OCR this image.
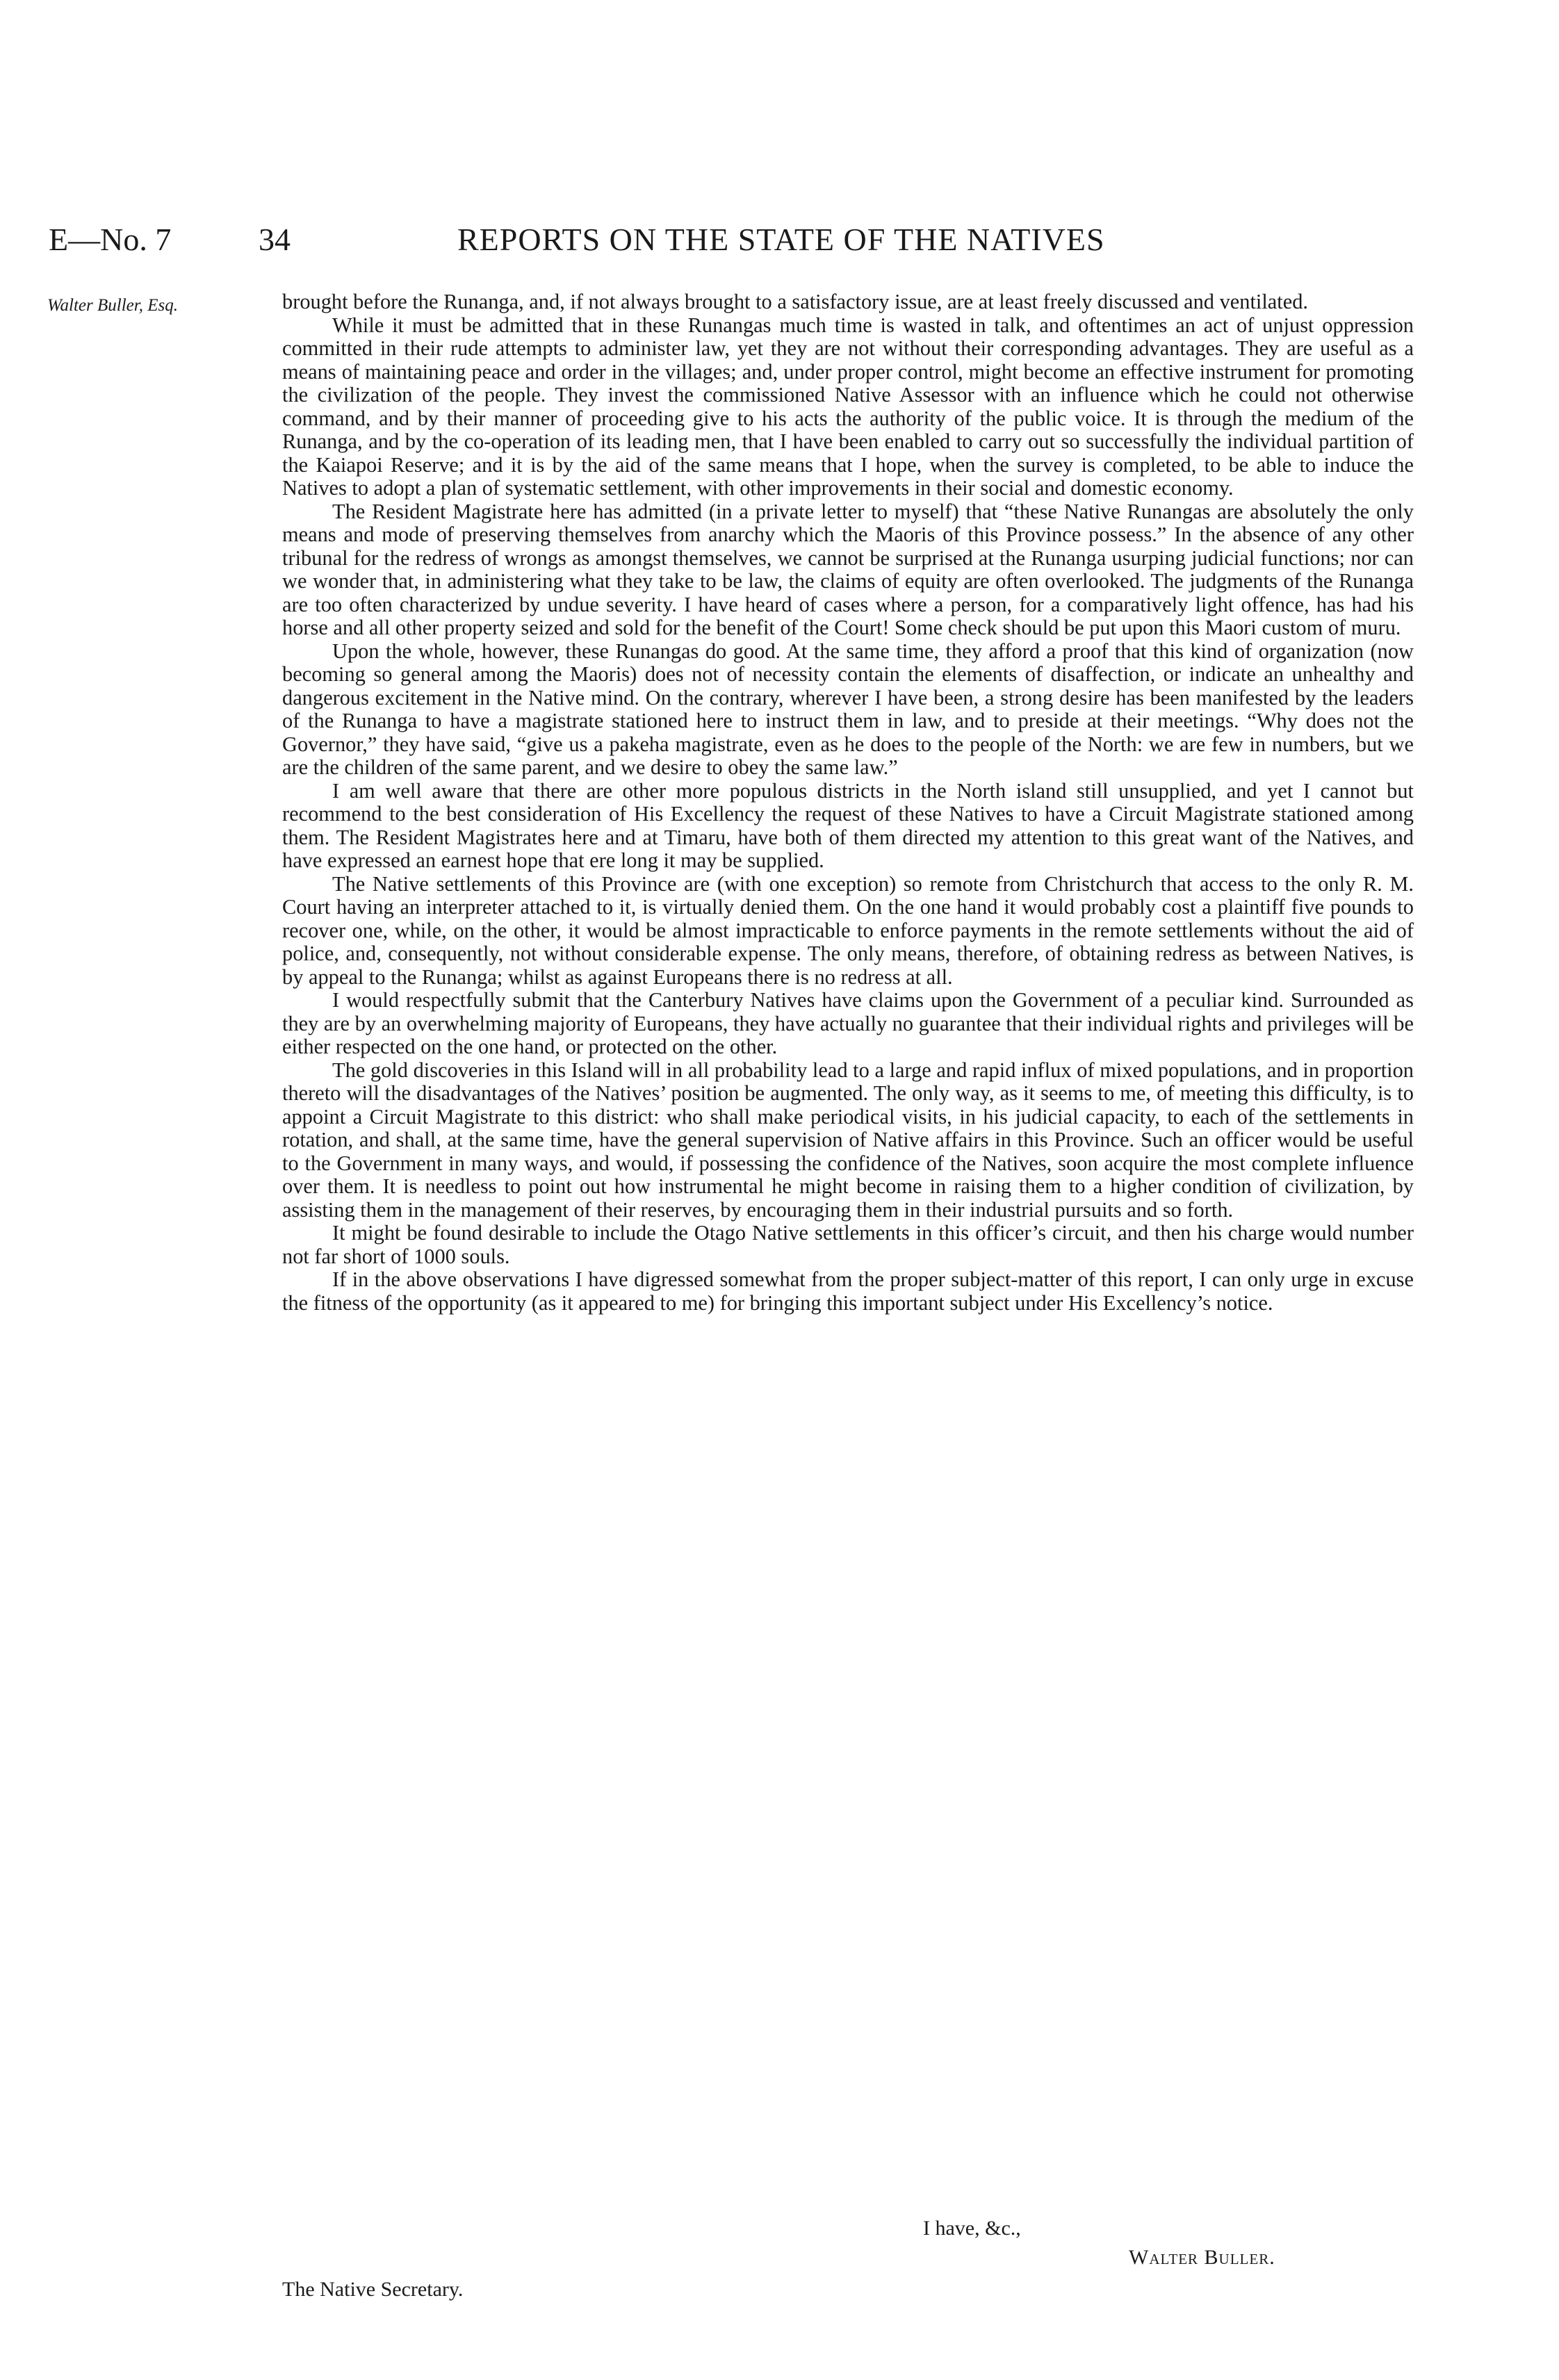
E—No. 7	34	REPORTS ON THE STATE OF THE NATIVES
Walter Buller, Esq.	brought before the Runanga, and, if not always brought to a satisfactory issue, are at least freely discussed and ventilated.

While it must be admitted that in these Runangas much time is wasted in talk, and oftentimes an act of unjust oppression committed in their rude attempts to administer law, yet they are not without their corresponding advantages. They are useful as a means of maintaining peace and order in the villages; and, under proper control, might become an effective instrument for promoting the civilization of the people. They invest the commissioned Native Assessor with an influence which he could not otherwise command, and by their manner of proceeding give to his acts the authority of the public voice. It is through the medium of the Runanga, and by the co-operation of its leading men, that I have been enabled to carry out so successfully the individual partition of the Kaiapoi Reserve; and it is by the aid of the same means that I hope, when the survey is completed, to be able to induce the Natives to adopt a plan of systematic settlement, with other improvements in their social and domestic economy.

The Resident Magistrate here has admitted (in a private letter to myself) that “these Native Runangas are absolutely the only means and mode of preserving themselves from anarchy which the Maoris of this Province possess.” In the absence of any other tribunal for the redress of wrongs as amongst themselves, we cannot be surprised at the Runanga usurping judicial functions; nor can we wonder that, in administering what they take to be law, the claims of equity are often overlooked. The judgments of the Runanga are too often characterized by undue severity. I have heard of cases where a person, for a comparatively light offence, has had his horse and all other property seized and sold for the benefit of the Court! Some check should be put upon this Maori custom of muru.

Upon the whole, however, these Runangas do good. At the same time, they afford a proof that this kind of organization (now becoming so general among the Maoris) does not of necessity contain the elements of disaffection, or indicate an unhealthy and dangerous excitement in the Native mind. On the contrary, wherever I have been, a strong desire has been manifested by the leaders of the Runanga to have a magistrate stationed here to instruct them in law, and to preside at their meetings. “Why does not the Governor,” they have said, “give us a pakeha magistrate, even as he does to the people of the North: we are few in numbers, but we are the children of the same parent, and we desire to obey the same law.”

I am well aware that there are other more populous districts in the North island still unsupplied, and yet I cannot but recommend to the best consideration of His Excellency the request of these Natives to have a Circuit Magistrate stationed among them. The Resident Magistrates here and at Timaru, have both of them directed my attention to this great want of the Natives, and have expressed an earnest hope that ere long it may be supplied.

The Native settlements of this Province are (with one exception) so remote from Christchurch that access to the only R. M. Court having an interpreter attached to it, is virtually denied them. On the one hand it would probably cost a plaintiff five pounds to recover one, while, on the other, it would be almost impracticable to enforce payments in the remote settlements without the aid of police, and, consequently, not without considerable expense. The only means, therefore, of obtaining redress as between Natives, is by appeal to the Runanga; whilst as against Europeans there is no redress at all.

I would respectfully submit that the Canterbury Natives have claims upon the Government of a peculiar kind. Surrounded as they are by an overwhelming majority of Europeans, they have actually no guarantee that their individual rights and privileges will be either respected on the one hand, or protected on the other.

The gold discoveries in this Island will in all probability lead to a large and rapid influx of mixed populations, and in proportion thereto will the disadvantages of the Natives’ position be augmented. The only way, as it seems to me, of meeting this difficulty, is to appoint a Circuit Magistrate to this district: who shall make periodical visits, in his judicial capacity, to each of the settlements in rotation, and shall, at the same time, have the general supervision of Native affairs in this Province. Such an officer would be useful to the Government in many ways, and would, if possessing the confidence of the Natives, soon acquire the most complete influence over them. It is needless to point out how instrumental he might become in raising them to a higher condition of civilization, by assisting them in the management of their reserves, by encouraging them in their industrial pursuits and so forth.

It might be found desirable to include the Otago Native settlements in this officer’s circuit, and then his charge would number not far short of 1000 souls.

If in the above observations I have digressed somewhat from the proper subject-matter of this report, I can only urge in excuse the fitness of the opportunity (as it appeared to me) for bringing this important subject under His Excellency’s notice.

I have, &c.,
Walter Buller.
The Native Secretary.
